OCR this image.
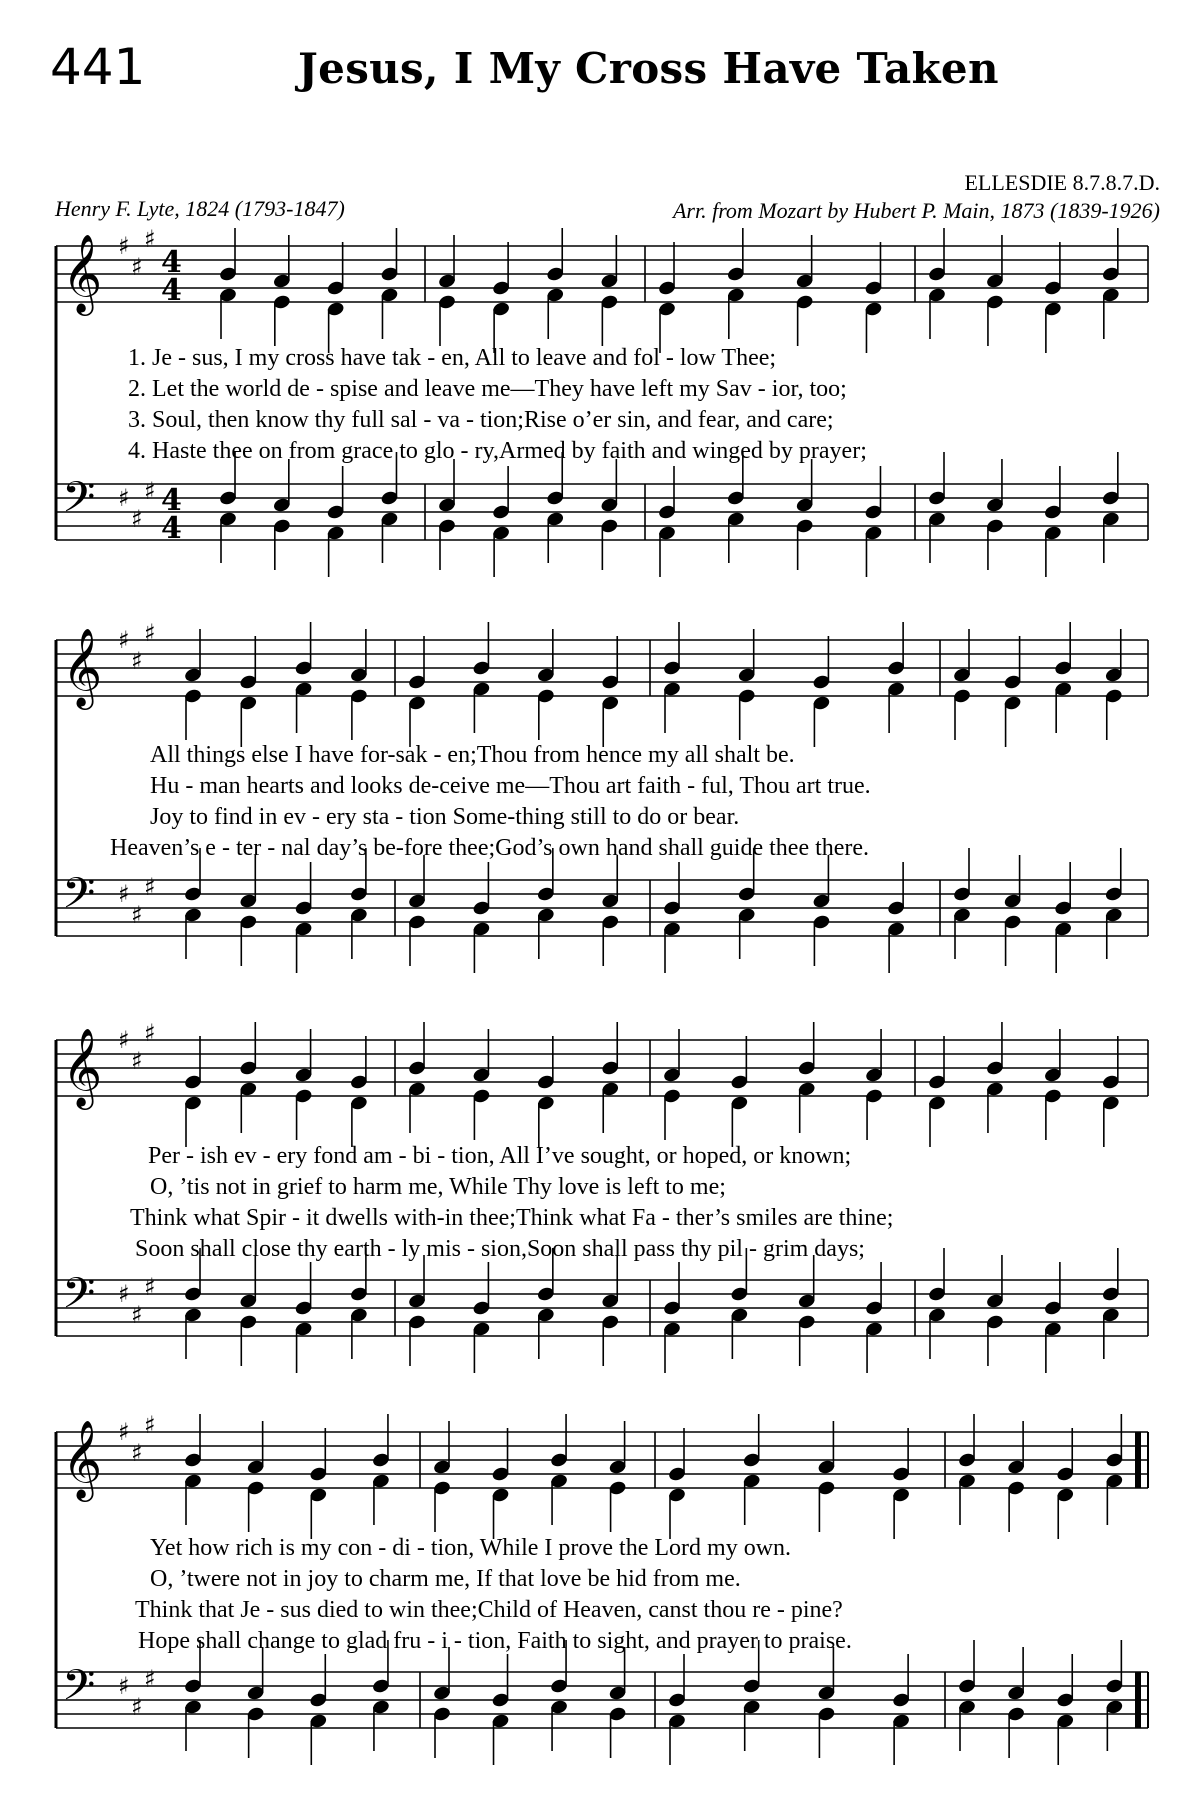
441	Jesus, I My Cross Have Taken
ELLESDIE 8.7.8.7.D.
Henry F. Lyte, 1824 (1793-1847)	Arr. from Mozart by Hubert P. Main, 1873 (1839-1926)
𝄞 ♯
♯
♯
4
4
𝄢 ♯
♯
♯ 4
4
𝄞 ♯
♯
♯
𝄢 ♯
♯
♯
𝄞 ♯
♯
♯
𝄢 ♯
♯
♯
𝄞 ♯
♯
♯
𝄢 ♯
♯
♯
1. Je - sus, I my cross have tak - en, All to leave and fol - low Thee;
2. Let the world de - spise and leave me—They have left my Sav - ior, too;
3. Soul, then know thy full sal - va - tion;Rise o’er sin, and fear, and care;
4. Haste thee on from grace to glo - ry,Armed by faith and winged by prayer;
All things else I have for-sak - en;Thou from hence my all shalt be.
Hu - man hearts and looks de-ceive me—Thou art faith - ful, Thou art true.
Joy to find in ev - ery sta - tion Some-thing still to do or bear.
Heaven’s e - ter - nal day’s be-fore thee;God’s own hand shall guide thee there.
Per - ish ev - ery fond am - bi - tion, All I’ve sought, or hoped, or known;
O, ’tis not in grief to harm me, While Thy love is left to me;
Think what Spir - it dwells with-in thee;Think what Fa - ther’s smiles are thine;
Soon shall close thy earth - ly mis - sion,Soon shall pass thy pil - grim days;
Yet how rich is my con - di - tion, While I prove the Lord my own.
O, ’twere not in joy to charm me, If that love be hid from me.
Think that Je - sus died to win thee;Child of Heaven, canst thou re - pine?
Hope shall change to glad fru - i - tion, Faith to sight, and prayer to praise.
